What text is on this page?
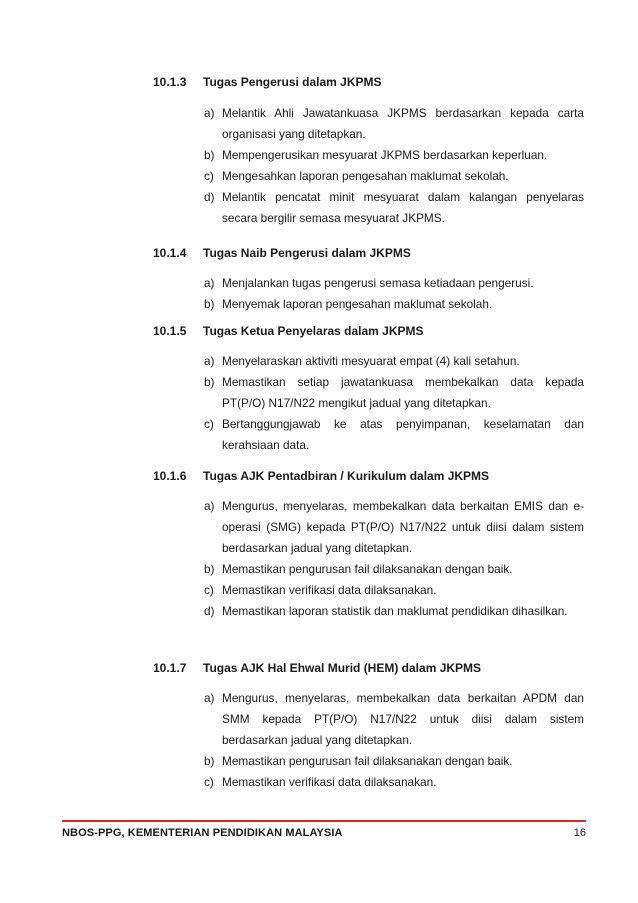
10.1.3 Tugas Pengerusi dalam JKPMS
a) Melantik Ahli Jawatankuasa JKPMS berdasarkan kepada carta organisasi yang ditetapkan.
b) Mempengerusikan mesyuarat JKPMS berdasarkan keperluan.
c) Mengesahkan laporan pengesahan maklumat sekolah.
d) Melantik pencatat minit mesyuarat dalam kalangan penyelaras secara bergilir semasa mesyuarat JKPMS.
10.1.4 Tugas Naib Pengerusi dalam JKPMS
a) Menjalankan tugas pengerusi semasa ketiadaan pengerusi.
b) Menyemak laporan pengesahan maklumat sekolah.
10.1.5 Tugas Ketua Penyelaras dalam JKPMS
a) Menyelaraskan aktiviti mesyuarat empat (4) kali setahun.
b) Memastikan setiap jawatankuasa membekalkan data kepada PT(P/O) N17/N22 mengikut jadual yang ditetapkan.
c) Bertanggungjawab ke atas penyimpanan, keselamatan dan kerahsiaan data.
10.1.6 Tugas AJK Pentadbiran / Kurikulum dalam JKPMS
a) Mengurus, menyelaras, membekalkan data berkaitan EMIS dan e-operasi (SMG) kepada PT(P/O) N17/N22 untuk diisi dalam sistem berdasarkan jadual yang ditetapkan.
b) Memastikan pengurusan fail dilaksanakan dengan baik.
c) Memastikan verifikasi data dilaksanakan.
d) Memastikan laporan statistik dan maklumat pendidikan dihasilkan.
10.1.7 Tugas AJK Hal Ehwal Murid (HEM) dalam JKPMS
a) Mengurus, menyelaras, membekalkan data berkaitan APDM dan SMM kepada PT(P/O) N17/N22 untuk diisi dalam sistem berdasarkan jadual yang ditetapkan.
b) Memastikan pengurusan fail dilaksanakan dengan baik.
c) Memastikan verifikasi data dilaksanakan.
NBOS-PPG, KEMENTERIAN PENDIDIKAN MALAYSIA	16
